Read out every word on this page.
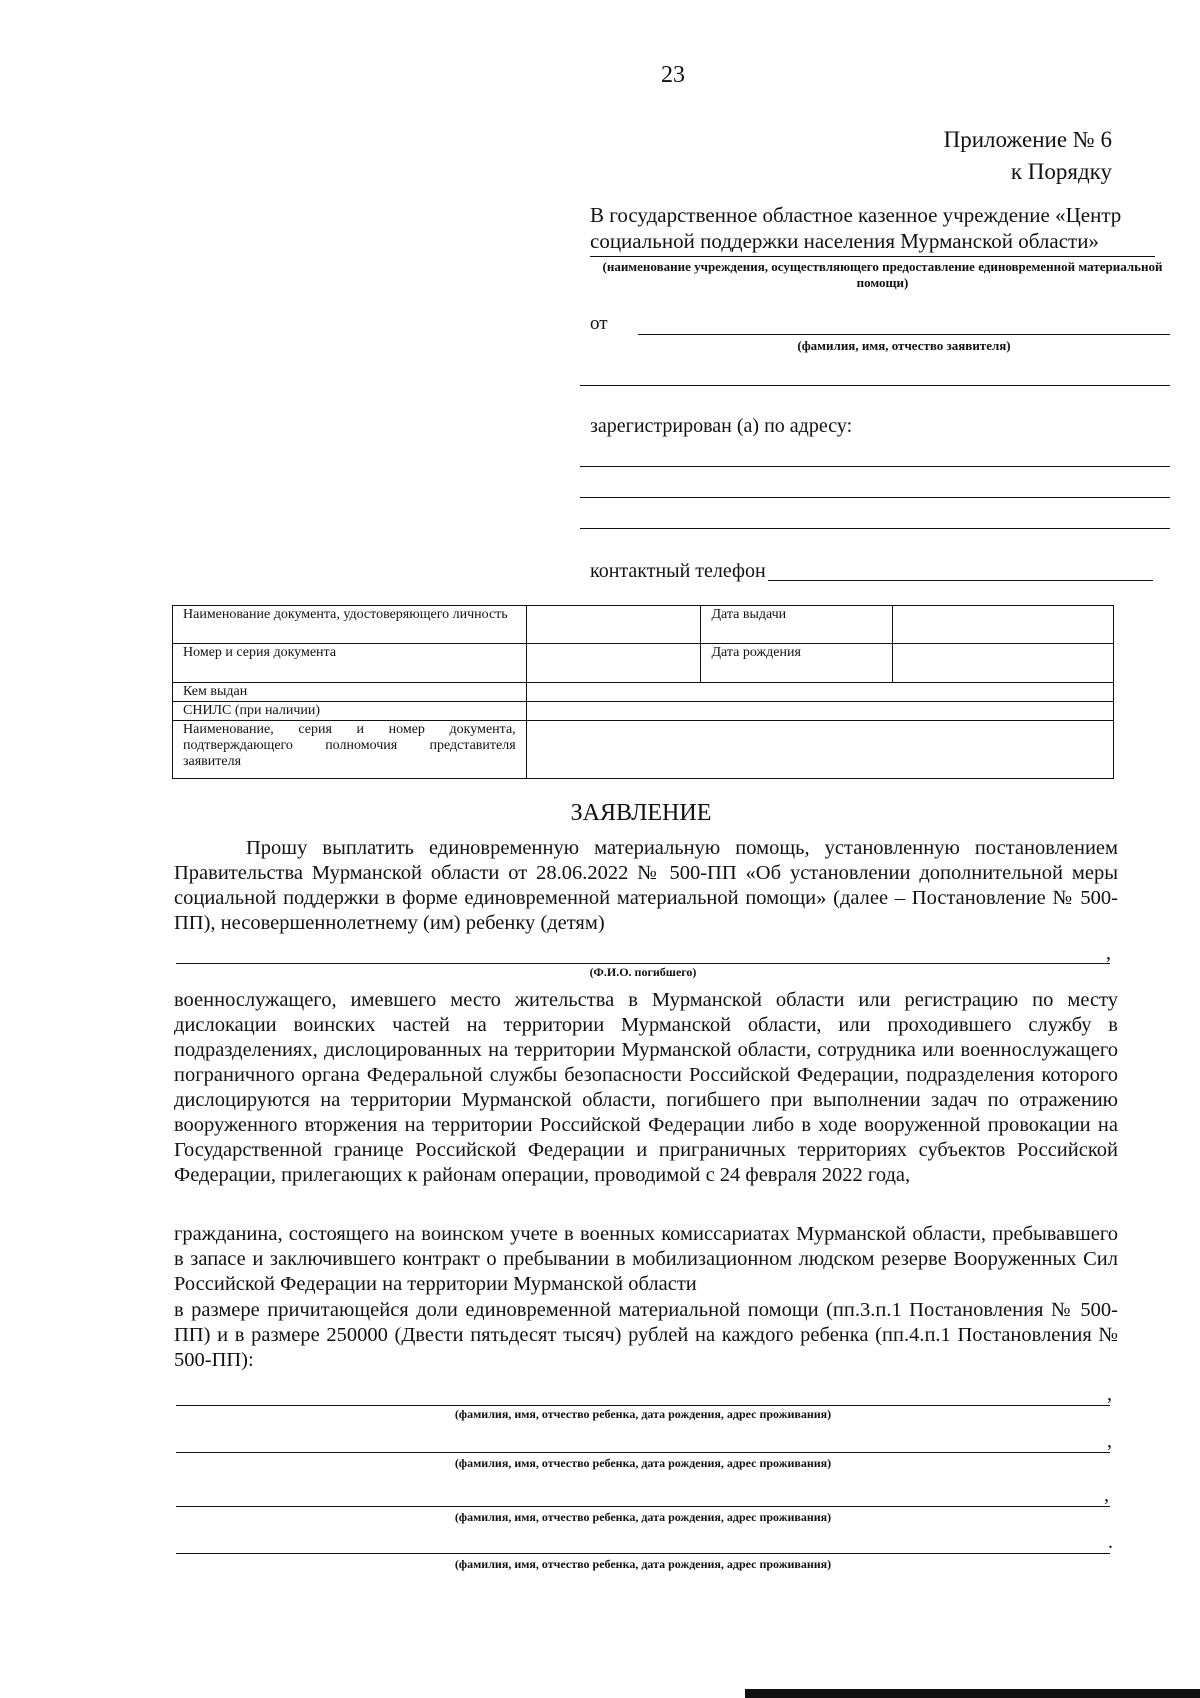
23
Приложение № 6
к Порядку
В государственное областное казенное учреждение «Центр социальной поддержки населения Мурманской области»
(наименование учреждения, осуществляющего предоставление единовременной материальной помощи)
от
(фамилия, имя, отчество заявителя)
зарегистрирован (а) по адресу:
контактный телефон
Наименование документа, удостоверяющего личность		Дата выдачи	
Номер и серия документа		Дата рождения	
Кем выдан			
СНИЛС (при наличии)			
Наименование, серия и номер документа, подтверждающего полномочия представителя заявителя			
ЗАЯВЛЕНИЕ
Прошу выплатить единовременную материальную помощь, установленную постановлением Правительства Мурманской области от 28.06.2022 № 500-ПП «Об установлении дополнительной меры социальной поддержки в форме единовременной материальной помощи» (далее – Постановление № 500-ПП), несовершеннолетнему (им) ребенку (детям)
,
(Ф.И.О. погибшего)
военнослужащего, имевшего место жительства в Мурманской области или регистрацию по месту дислокации воинских частей на территории Мурманской области, или проходившего службу в подразделениях, дислоцированных на территории Мурманской области, сотрудника или военнослужащего пограничного органа Федеральной службы безопасности Российской Федерации, подразделения которого дислоцируются на территории Мурманской области, погибшего при выполнении задач по отражению вооруженного вторжения на территории Российской Федерации либо в ходе вооруженной провокации на Государственной границе Российской Федерации и приграничных территориях субъектов Российской Федерации, прилегающих к районам операции, проводимой с 24 февраля 2022 года,
гражданина, состоящего на воинском учете в военных комиссариатах Мурманской области, пребывавшего в запасе и заключившего контракт о пребывании в мобилизационном людском резерве Вооруженных Сил Российской Федерации на территории Мурманской области
в размере причитающейся доли единовременной материальной помощи (пп.3.п.1 Постановления № 500-ПП) и в размере 250000 (Двести пятьдесят тысяч) рублей на каждого ребенка (пп.4.п.1 Постановления № 500-ПП):
,
(фамилия, имя, отчество ребенка, дата рождения, адрес проживания)
,
(фамилия, имя, отчество ребенка, дата рождения, адрес проживания)
,
(фамилия, имя, отчество ребенка, дата рождения, адрес проживания)
.
(фамилия, имя, отчество ребенка, дата рождения, адрес проживания)
